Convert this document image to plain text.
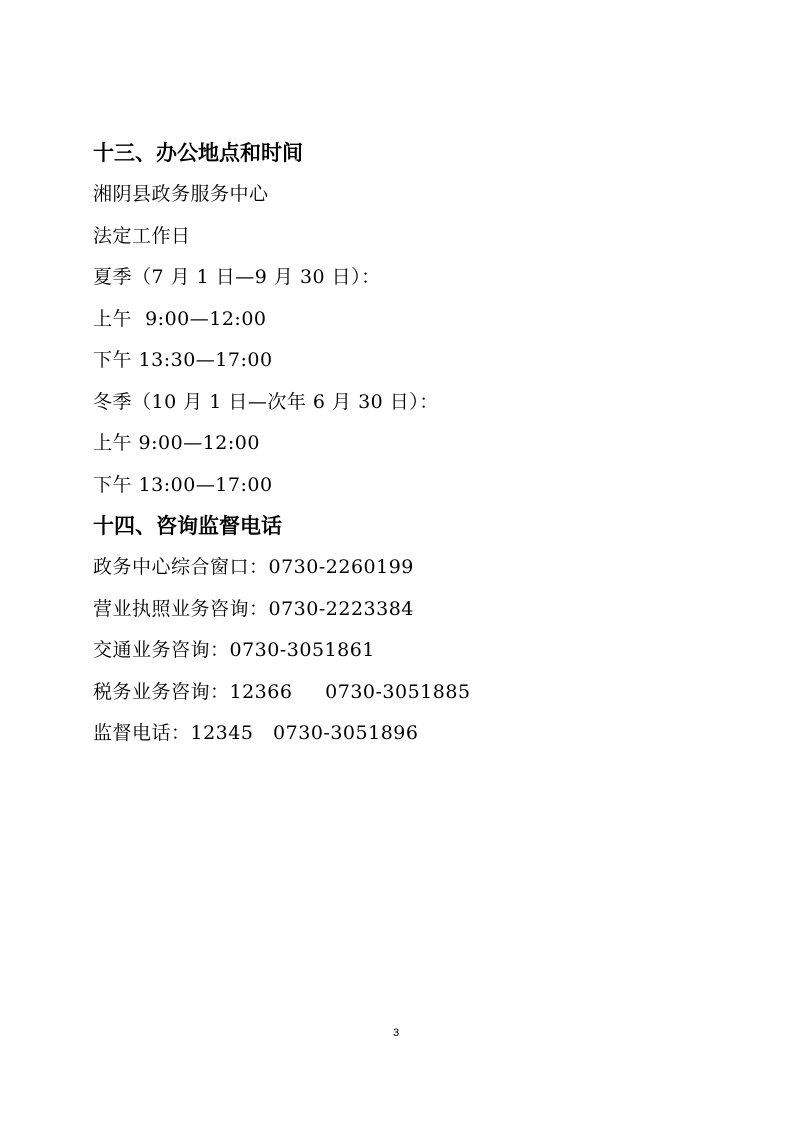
十三、办公地点和时间
湘阴县政务服务中心
法定工作日
夏季（7 月 1 日—9 月 30 日）：
上午  9:00—12:00
下午 13:30—17:00
冬季（10 月 1 日—次年 6 月 30 日）：
上午 9:00—12:00
下午 13:00—17:00
十四、咨询监督电话
政务中心综合窗口：0730-2260199
营业执照业务咨询：0730-2223384
交通业务咨询：0730-3051861
税务业务咨询：12366     0730-3051885
监督电话：12345   0730-3051896
3
